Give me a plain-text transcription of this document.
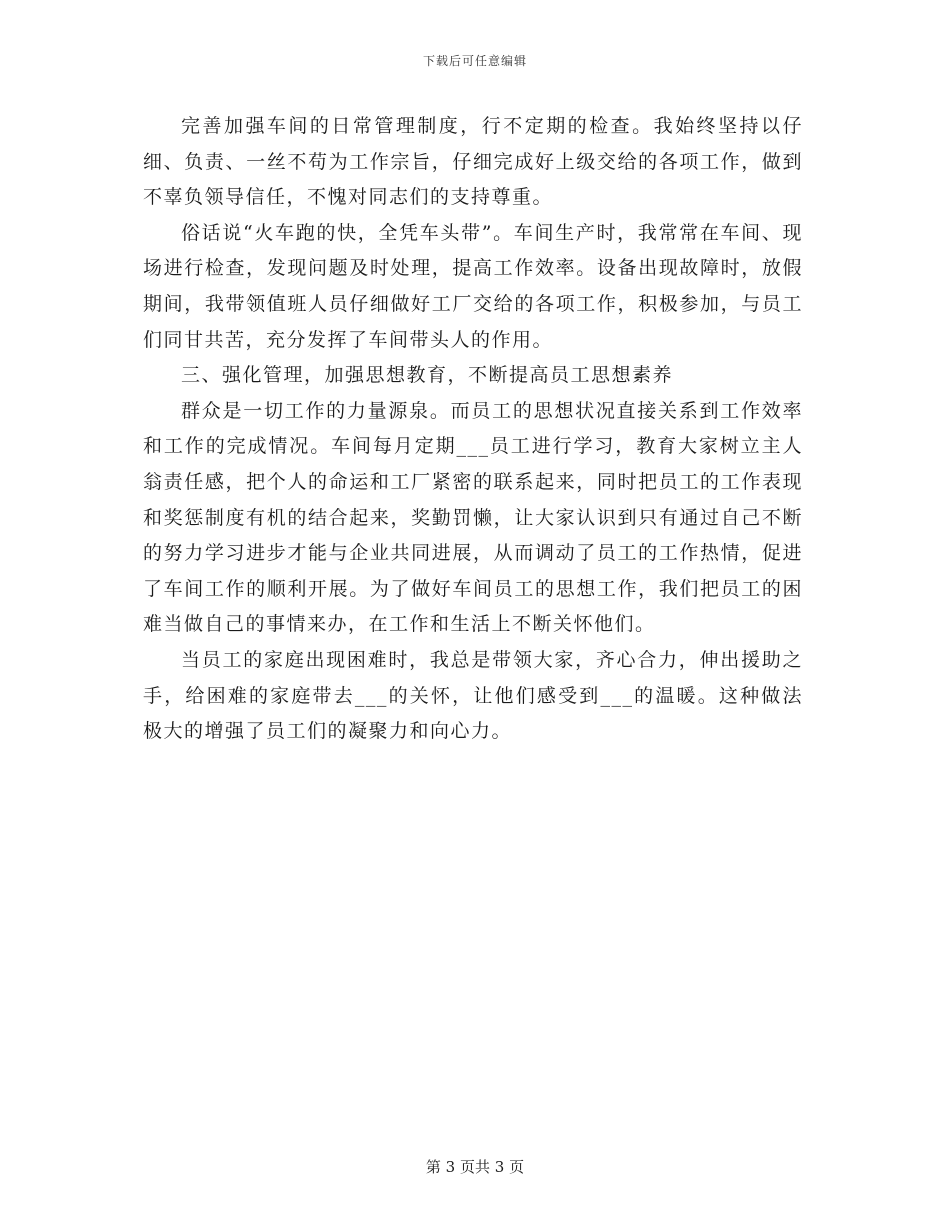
下载后可任意编辑

完善加强车间的日常管理制度，行不定期的检查。我始终坚持以仔细、负责、一丝不苟为工作宗旨，仔细完成好上级交给的各项工作，做到不辜负领导信任，不愧对同志们的支持尊重。

俗话说“火车跑的快，全凭车头带”。车间生产时，我常常在车间、现场进行检查，发现问题及时处理，提高工作效率。设备出现故障时，放假期间，我带领值班人员仔细做好工厂交给的各项工作，积极参加，与员工们同甘共苦，充分发挥了车间带头人的作用。

三、强化管理，加强思想教育，不断提高员工思想素养

群众是一切工作的力量源泉。而员工的思想状况直接关系到工作效率和工作的完成情况。车间每月定期___员工进行学习，教育大家树立主人翁责任感，把个人的命运和工厂紧密的联系起来，同时把员工的工作表现和奖惩制度有机的结合起来，奖勤罚懒，让大家认识到只有通过自己不断的努力学习进步才能与企业共同进展，从而调动了员工的工作热情，促进了车间工作的顺利开展。为了做好车间员工的思想工作，我们把员工的困难当做自己的事情来办，在工作和生活上不断关怀他们。

当员工的家庭出现困难时，我总是带领大家，齐心合力，伸出援助之手，给困难的家庭带去___的关怀，让他们感受到___的温暖。这种做法极大的增强了员工们的凝聚力和向心力。

第 3 页共 3 页
